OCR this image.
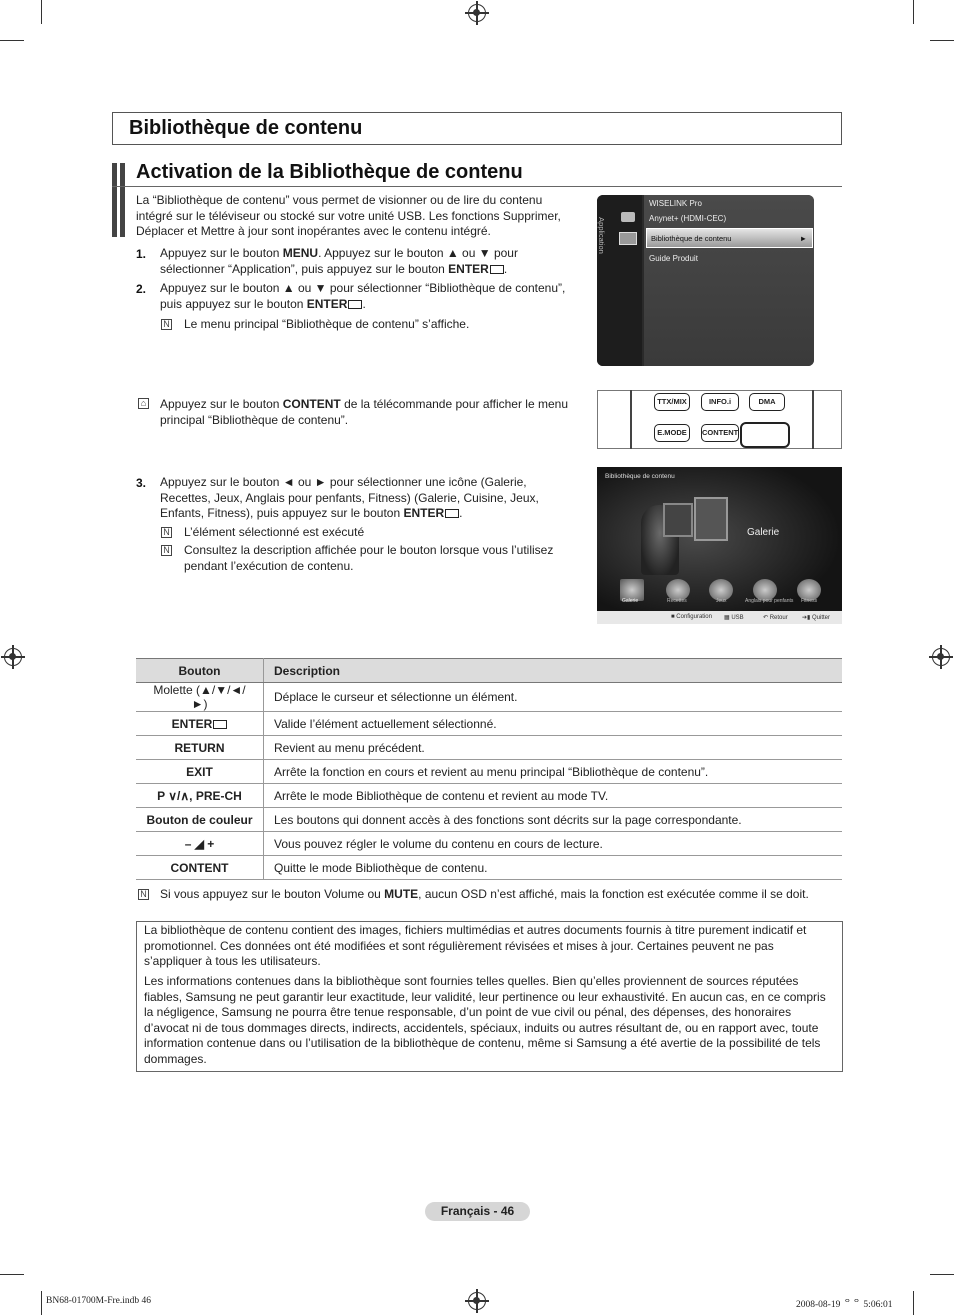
Bibliothèque de contenu
Activation de la Bibliothèque de contenu
La “Bibliothèque de contenu” vous permet de visionner ou de lire du contenu intégré sur le téléviseur ou stocké sur votre unité USB. Les fonctions Supprimer, Déplacer et Mettre à jour sont inopérantes avec le contenu intégré.
1. Appuyez sur le bouton MENU. Appuyez sur le bouton ▲ ou ▼ pour
sélectionner “Application”, puis appuyez sur le bouton ENTER .
2. Appuyez sur le bouton ▲ ou ▼ pour sélectionner “Bibliothèque de contenu”,
puis appuyez sur le bouton ENTER .
N Le menu principal “Bibliothèque de contenu” s’affiche.
Application
WISELINK Pro
Anynet+ (HDMI-CEC)
Bibliothèque de contenu	►
Guide Produit
⌂ Appuyez sur le bouton CONTENT de la télécommande pour afficher le menu
principal “Bibliothèque de contenu”.
TTX/MIX	INFO.i	DMA
E.MODE	CONTENT
3. Appuyez sur le bouton ◄ ou ► pour sélectionner une icône (Galerie,
Recettes, Jeux, Anglais pour penfants, Fitness) (Galerie, Cuisine, Jeux,
Enfants, Fitness), puis appuyez sur le bouton ENTER .
N L’élément sélectionné est exécuté
N Consultez la description affichée pour le bouton lorsque vous l’utilisez
pendant l’exécution de contenu.
Bibliothèque de contenu
Galerie
Galerie	Recettes	Jeux	Anglais pour penfants Fitness
■ Configuration ▦ USB	↶ Retour ➔▮ Quitter
Bouton	Description
Molette (▲/▼/◄/►)	Déplace le curseur et sélectionne un élément.
ENTER	Valide l’élément actuellement sélectionné.
RETURN	Revient au menu précédent.
EXIT	Arrête la fonction en cours et revient au menu principal “Bibliothèque de contenu”.
P ∨/∧, PRE-CH	Arrête le mode Bibliothèque de contenu et revient au mode TV.
Bouton de couleur	Les boutons qui donnent accès à des fonctions sont décrits sur la page correspondante.
– ◢ +	Vous pouvez régler le volume du contenu en cours de lecture.
CONTENT	Quitte le mode Bibliothèque de contenu.
N Si vous appuyez sur le bouton Volume ou MUTE, aucun OSD n’est affiché, mais la fonction est exécutée comme il se doit.

La bibliothèque de contenu contient des images, fichiers multimédias et autres documents fournis à titre purement indicatif et promotionnel. Ces données ont été modifiées et sont régulièrement révisées et mises à jour. Certaines peuvent ne pas s’appliquer à tous les utilisateurs.

Les informations contenues dans la bibliothèque sont fournies telles quelles. Bien qu’elles proviennent de sources réputées fiables, Samsung ne peut garantir leur exactitude, leur validité, leur pertinence ou leur exhaustivité. En aucun cas, en ce compris la négligence, Samsung ne pourra être tenue responsable, d’un point de vue civil ou pénal, des dépenses, des honoraires d’avocat ni de tous dommages directs, indirects, accidentels, spéciaux, induits ou autres résultant de, ou en rapport avec, toute information contenue dans ou l’utilisation de la bibliothèque de contenu, même si Samsung a été avertie de la possibilité de tels dommages.

Français - 46
BN68-01700M-Fre.indb 46	2008-08-19 ᄋᄋ 5:06:01
